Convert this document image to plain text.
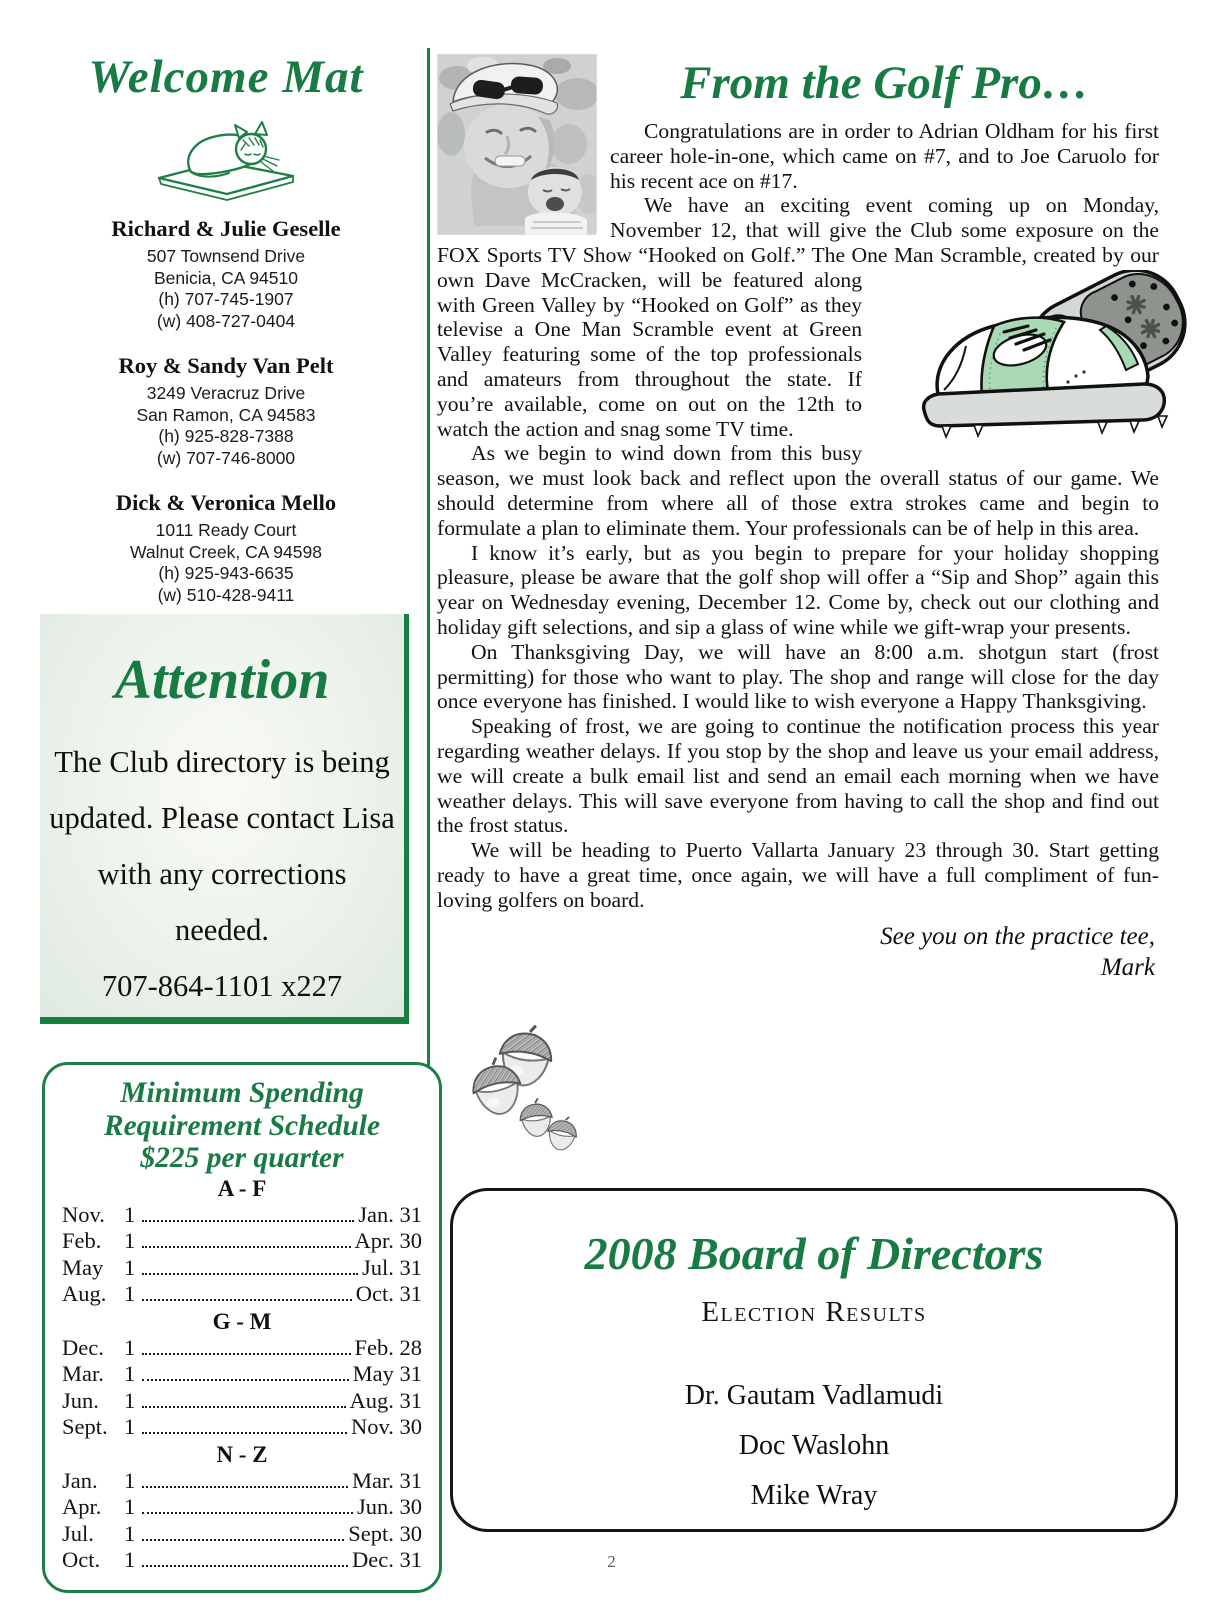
Welcome Mat
Richard & Julie Geselle
507 Townsend Drive
Benicia, CA 94510
(h) 707-745-1907
(w) 408-727-0404
Roy & Sandy Van Pelt
3249 Veracruz Drive
San Ramon, CA 94583
(h) 925-828-7388
(w) 707-746-8000
Dick & Veronica Mello
1011 Ready Court
Walnut Creek, CA 94598
(h) 925-943-6635
(w) 510-428-9411
Attention

The Club directory is being updated. Please contact Lisa with any corrections needed.

707-864-1101 x227
Minimum Spending
Requirement Schedule
$225 per quarter
A - F
Nov. 1	Jan. 31
Feb.	1	Apr. 30
May 1	Jul. 31
Aug. 1	Oct. 31
G - M
Dec. 1	Feb. 28
Mar. 1	May 31
Jun.	1	Aug. 31
Sept. 1	Nov. 30
N - Z
Jan.	1	Mar. 31
Apr.	1	Jun. 30
Jul.	1	Sept. 30
Oct.	1	Dec. 31
From the Golf Pro…

Congratulations are in order to Adrian Oldham for his first career hole-in-one, which came on #7, and to Joe Caruolo for his recent ace on #17.

We have an exciting event coming up on Monday, November 12, that will give the Club some exposure on the FOX Sports TV Show “Hooked on Golf.” The One Man Scramble, created by our
own Dave McCracken, will be featured along with Green Valley by “Hooked on Golf” as they televise a One Man Scramble event at Green Valley featuring some of the top professionals and amateurs from throughout the state. If you’re available, come on out on the 12th to watch the action and snag some TV time.

As we begin to wind down from this busy season, we must look back and reflect upon the overall status of our game. We should determine from where all of those extra strokes came and begin to formulate a plan to eliminate them. Your professionals can be of help in this area.

I know it’s early, but as you begin to prepare for your holiday shopping pleasure, please be aware that the golf shop will offer a “Sip and Shop” again this year on Wednesday evening, December 12. Come by, check out our clothing and holiday gift selections, and sip a glass of wine while we gift-wrap your presents.

On Thanksgiving Day, we will have an 8:00 a.m. shotgun start (frost permitting) for those who want to play. The shop and range will close for the day once everyone has finished. I would like to wish everyone a Happy Thanksgiving.

Speaking of frost, we are going to continue the notification process this year regarding weather delays. If you stop by the shop and leave us your email address, we will create a bulk email list and send an email each morning when we have weather delays. This will save everyone from having to call the shop and find out the frost status.

We will be heading to Puerto Vallarta January 23 through 30. Start getting ready to have a great time, once again, we will have a full compliment of fun-loving golfers on board.

See you on the practice tee,
Mark
2008 Board of Directors
Election Results
Dr. Gautam Vadlamudi
Doc Waslohn
Mike Wray
2
